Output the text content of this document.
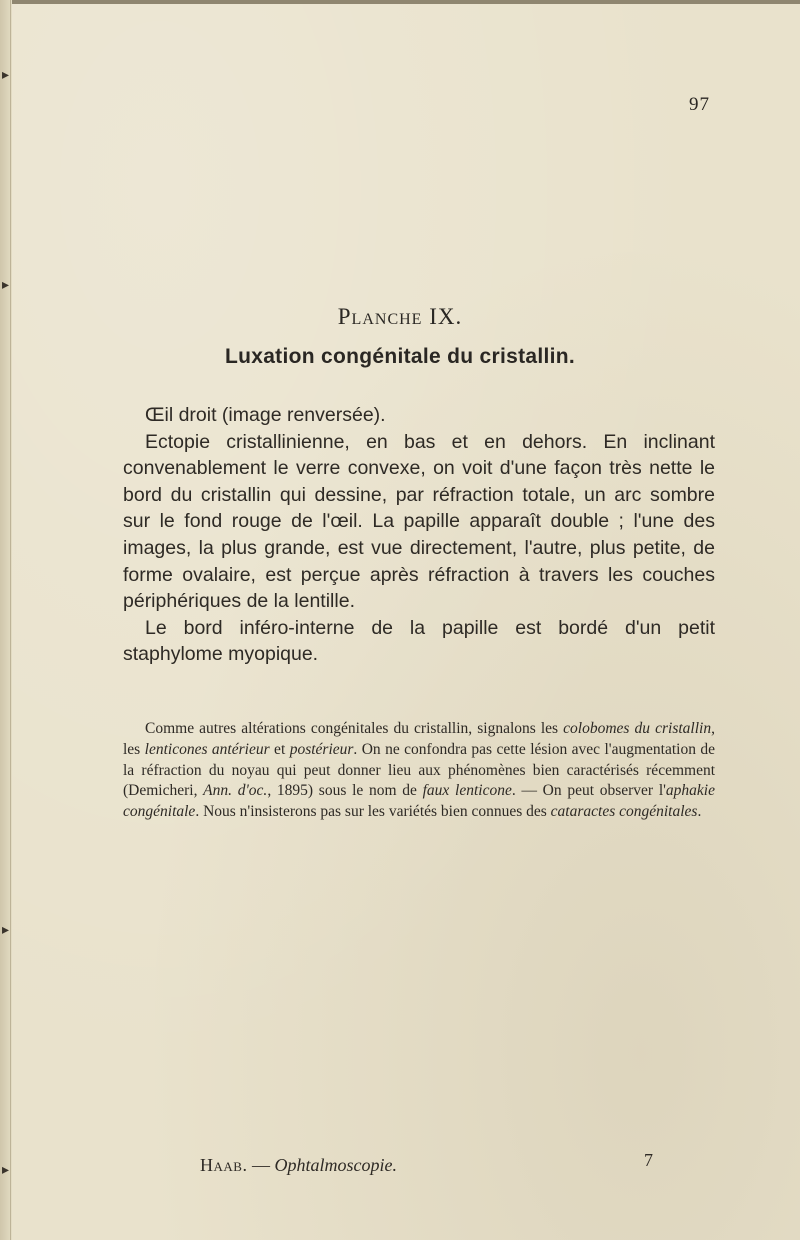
▸
▸
▸
▸
97
Planche IX.
Luxation congénitale du cristallin.

Œil droit (image renversée).

Ectopie cristallinienne, en bas et en dehors. En inclinant convenablement le verre convexe, on voit d'une façon très nette le bord du cristallin qui dessine, par réfraction totale, un arc sombre sur le fond rouge de l'œil. La papille apparaît double ; l'une des images, la plus grande, est vue directement, l'autre, plus petite, de forme ovalaire, est perçue après réfraction à travers les couches périphériques de la lentille.

Le bord inféro-interne de la papille est bordé d'un petit staphylome myopique.

Comme autres altérations congénitales du cristallin, signalons les colobomes du cristallin, les lenticones antérieur et postérieur. On ne confondra pas cette lésion avec l'augmentation de la réfraction du noyau qui peut donner lieu aux phénomènes bien caractérisés récemment (Demicheri, Ann. d'oc., 1895) sous le nom de faux lenticone. — On peut observer l'aphakie congénitale. Nous n'insisterons pas sur les variétés bien connues des cataractes congénitales.

Haab. — Ophtalmoscopie.	7
